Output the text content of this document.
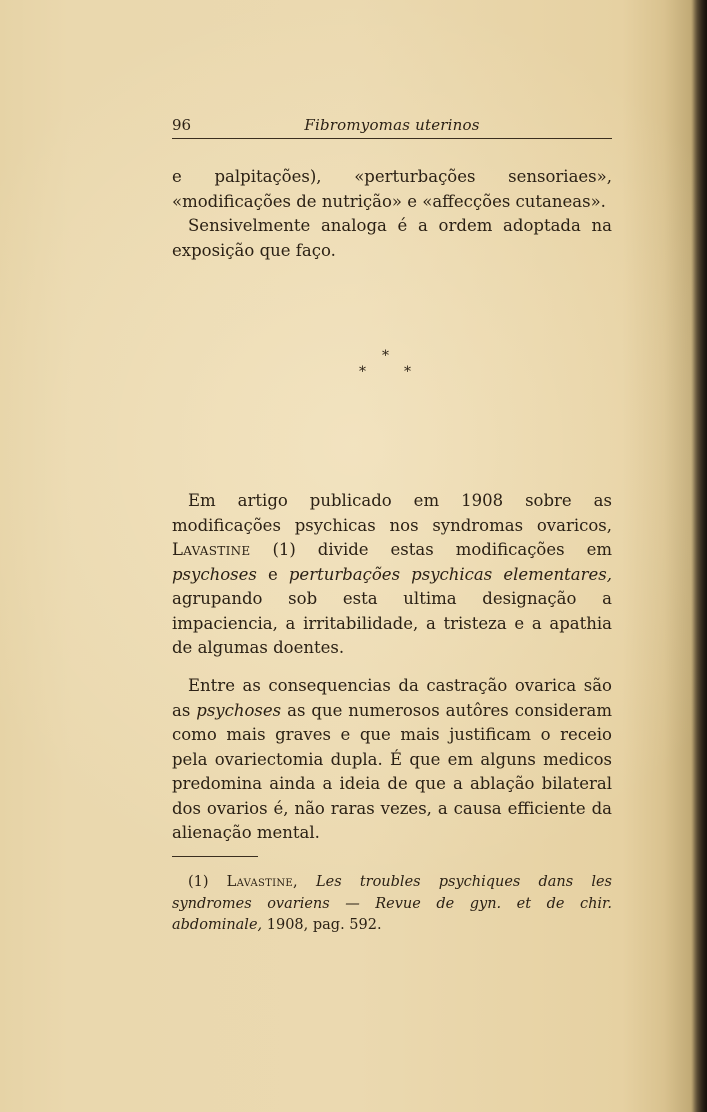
96	Fibromyomas uterinos

e palpitações), «perturbações sensoriaes», «modificações de nutrição» e «affecções cutaneas».

Sensivelmente analoga é a ordem adoptada na exposição que faço.

*
*	*

Em artigo publicado em 1908 sobre as modificações psychicas nos syndromas ovaricos, Lavastine (1) divide estas modificações em psychoses e perturbações psychicas elementares, agrupando sob esta ultima designação a impaciencia, a irritabilidade, a tristeza e a apathia de algumas doentes.

Entre as consequencias da castração ovarica são as psychoses as que numerosos autôres consideram como mais graves e que mais justificam o receio pela ovariectomia dupla. É que em alguns medicos predomina ainda a ideia de que a ablação bilateral dos ovarios é, não raras vezes, a causa efficiente da alienação mental.

(1) Lavastine, Les troubles psychiques dans les syndromes ovariens — Revue de gyn. et de chir. abdominale, 1908, pag. 592.
